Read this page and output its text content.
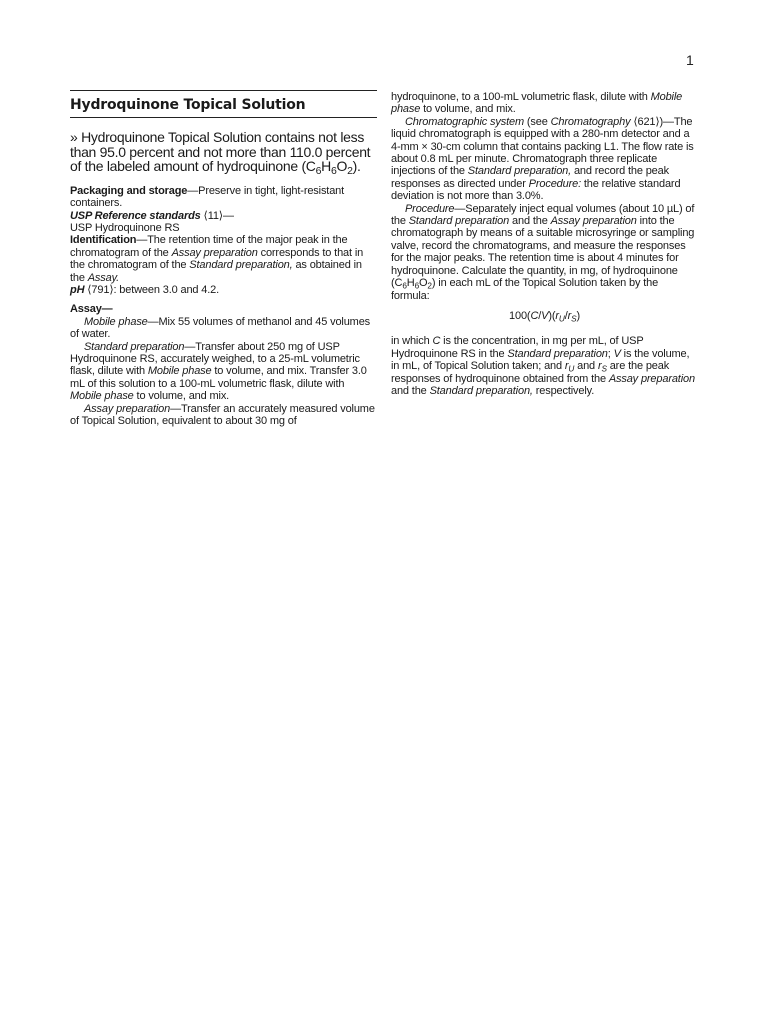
1
Hydroquinone Topical Solution

» Hydroquinone Topical Solution contains not less than 95.0 percent and not more than 110.0 percent of the labeled amount of hydroquinone $(C_6H_6O_2)$.

Packaging and storage—Preserve in tight, light-resistant containers.

USP Reference standards ⟨11⟩—

USP Hydroquinone RS

Identification—The retention time of the major peak in the chromatogram of the Assay preparation corresponds to that in the chromatogram of the Standard preparation, as obtained in the Assay.

pH ⟨791⟩: between 3.0 and 4.2.

Assay—

Mobile phase—Mix 55 volumes of methanol and 45 volumes of water.

Standard preparation—Transfer about 250 mg of USP Hydroquinone RS, accurately weighed, to a 25-mL volumetric flask, dilute with Mobile phase to volume, and mix. Transfer 3.0 mL of this solution to a 100-mL volumetric flask, dilute with Mobile phase to volume, and mix.

Assay preparation—Transfer an accurately measured volume of Topical Solution, equivalent to about 30 mg of

hydroquinone, to a 100-mL volumetric flask, dilute with Mobile phase to volume, and mix.

Chromatographic system (see Chromatography ⟨621⟩)—The liquid chromatograph is equipped with a 280-nm detector and a 4-mm × 30-cm column that contains packing L1. The flow rate is about 0.8 mL per minute. Chromatograph three replicate injections of the Standard preparation, and record the peak responses as directed under Procedure: the relative standard deviation is not more than 3.0%.

Procedure—Separately inject equal volumes (about 10 µL) of the Standard preparation and the Assay preparation into the chromatograph by means of a suitable microsyringe or sampling valve, record the chromatograms, and measure the responses for the major peaks. The retention time is about 4 minutes for hydroquinone. Calculate the quantity, in mg, of hydroquinone $(C_6H_6O_2)$ in each mL of the Topical Solution taken by the formula:

$100(C/V)(r_U/r_S)$

in which C is the concentration, in mg per mL, of USP Hydroquinone RS in the Standard preparation; V is the volume, in mL, of Topical Solution taken; and $r_U$ and $r_S$ are the peak responses of hydroquinone obtained from the Assay preparation and the Standard preparation, respectively.
